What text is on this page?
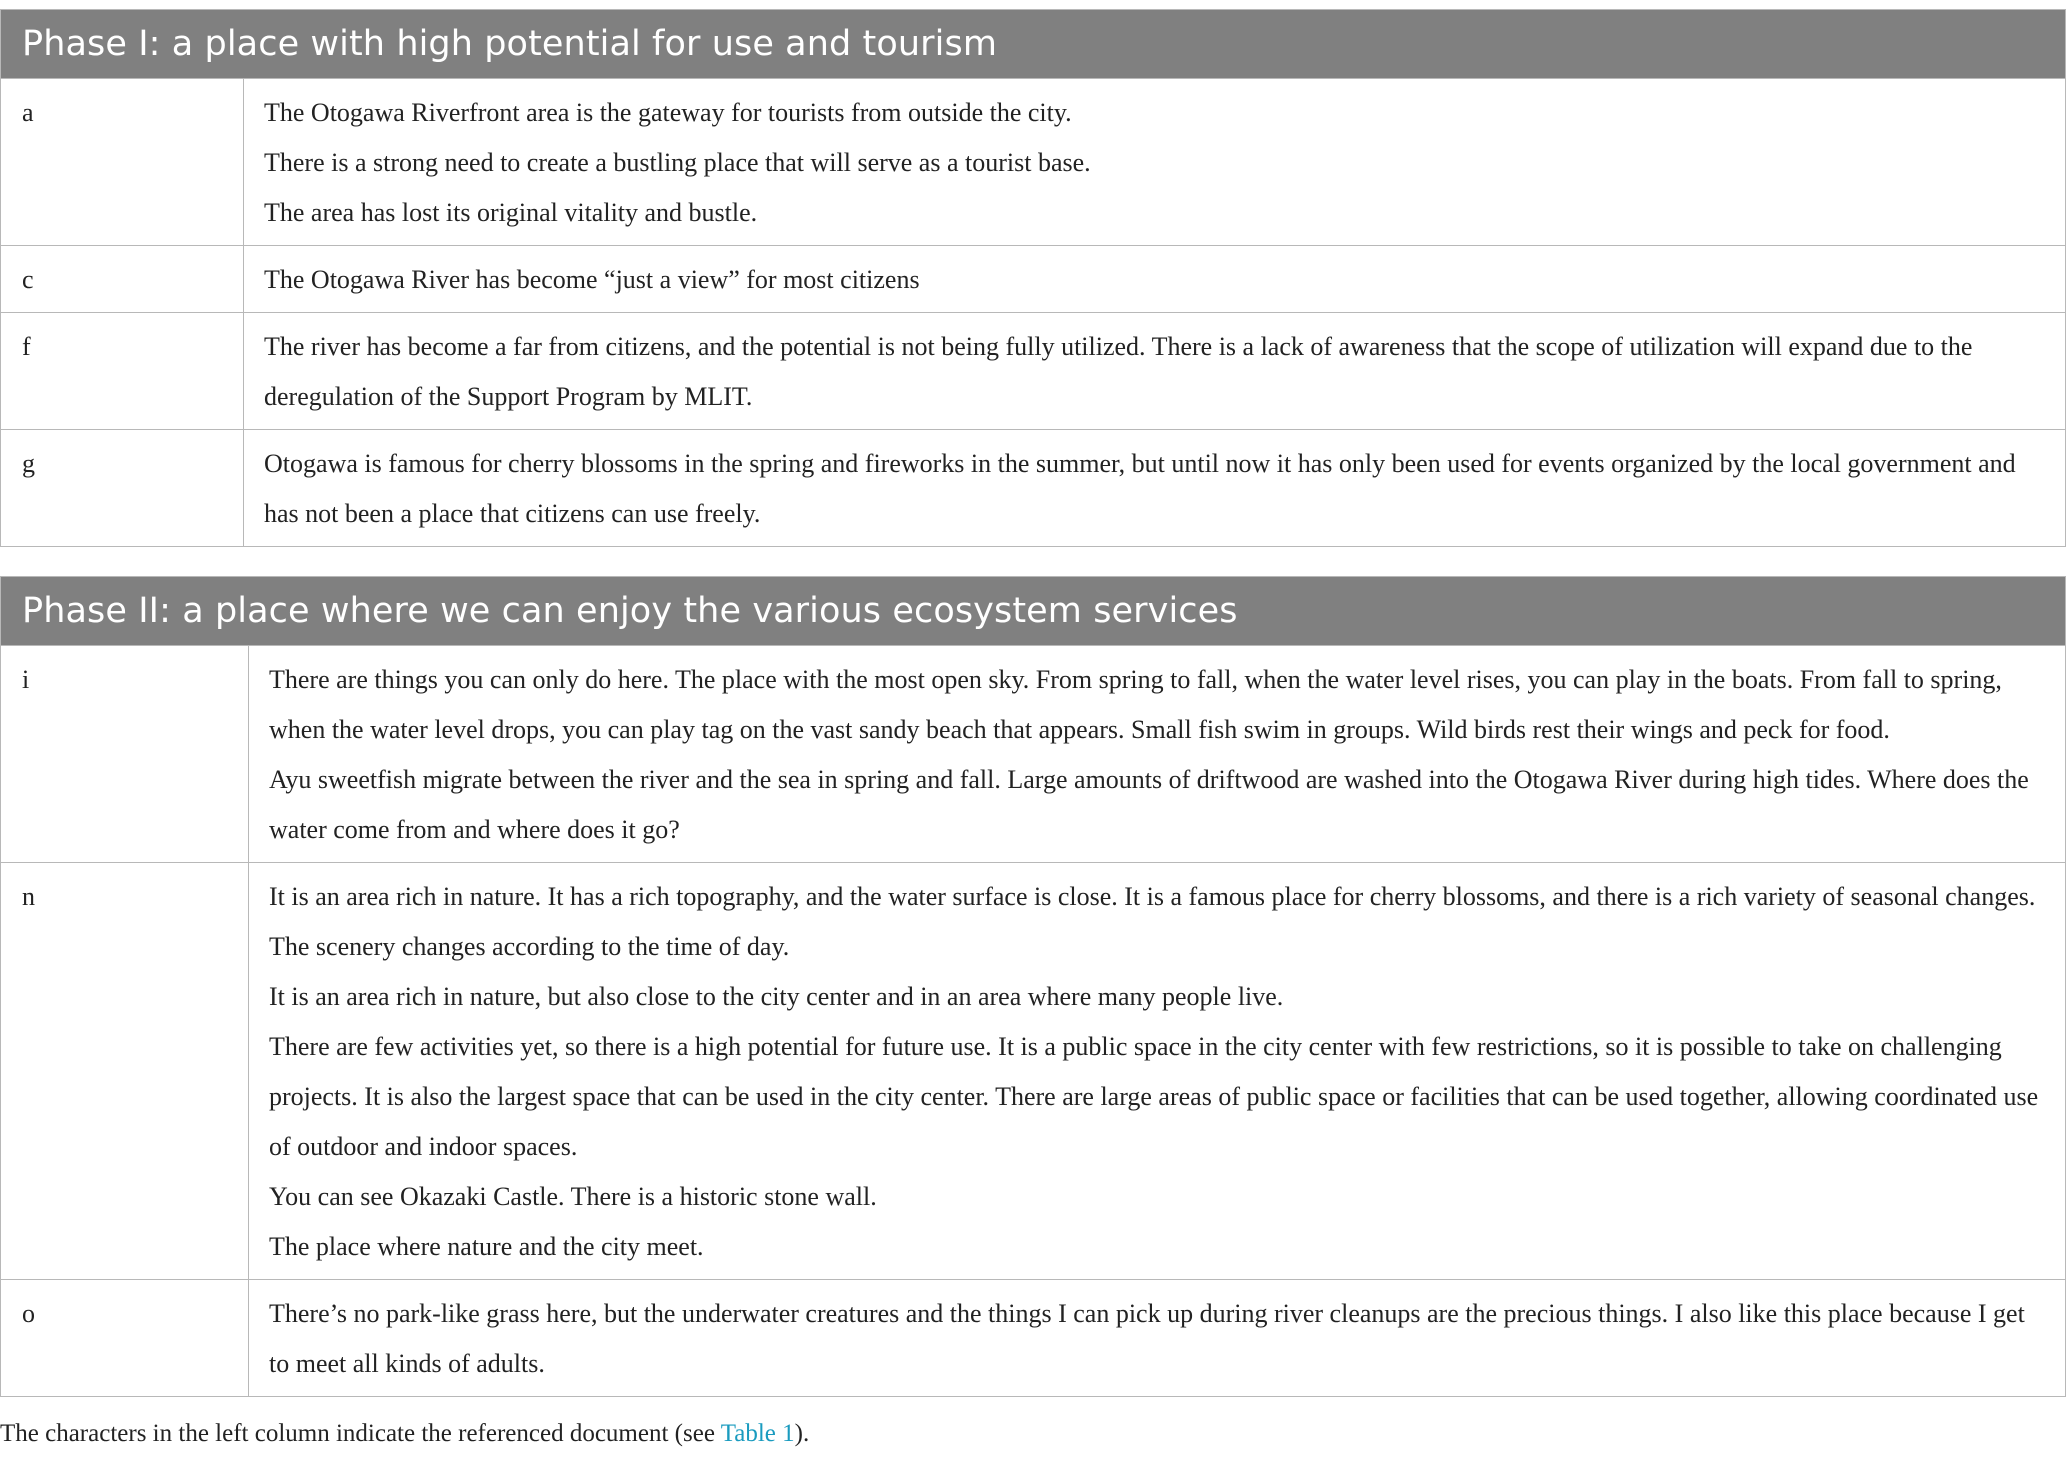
Phase I: a place with high potential for use and tourism	
a	The Otogawa Riverfront area is the gateway for tourists from outside the city.

There is a strong need to create a bustling place that will serve as a tourist base.

The area has lost its original vitality and bustle.

c	The Otogawa River has become “just a view” for most citizens

f	The river has become a far from citizens, and the potential is not being fully utilized. There is a lack of awareness that the scope of utilization will expand due to the deregulation of the Support Program by MLIT.

g	Otogawa is famous for cherry blossoms in the spring and fireworks in the summer, but until now it has only been used for events organized by the local government and has not been a place that citizens can use freely.

Phase II: a place where we can enjoy the various ecosystem services	
i	There are things you can only do here. The place with the most open sky. From spring to fall, when the water level rises, you can play in the boats. From fall to spring, when the water level drops, you can play tag on the vast sandy beach that appears. Small fish swim in groups. Wild birds rest their wings and peck for food.

Ayu sweetfish migrate between the river and the sea in spring and fall. Large amounts of driftwood are washed into the Otogawa River during high tides. Where does the water come from and where does it go?

n	It is an area rich in nature. It has a rich topography, and the water surface is close. It is a famous place for cherry blossoms, and there is a rich variety of seasonal changes. The scenery changes according to the time of day.

It is an area rich in nature, but also close to the city center and in an area where many people live.

There are few activities yet, so there is a high potential for future use. It is a public space in the city center with few restrictions, so it is possible to take on challenging projects. It is also the largest space that can be used in the city center. There are large areas of public space or facilities that can be used together, allowing coordinated use of outdoor and indoor spaces.

You can see Okazaki Castle. There is a historic stone wall.

The place where nature and the city meet.

o	There’s no park-like grass here, but the underwater creatures and the things I can pick up during river cleanups are the precious things. I also like this place because I get to meet all kinds of adults.

The characters in the left column indicate the referenced document (see Table 1).
